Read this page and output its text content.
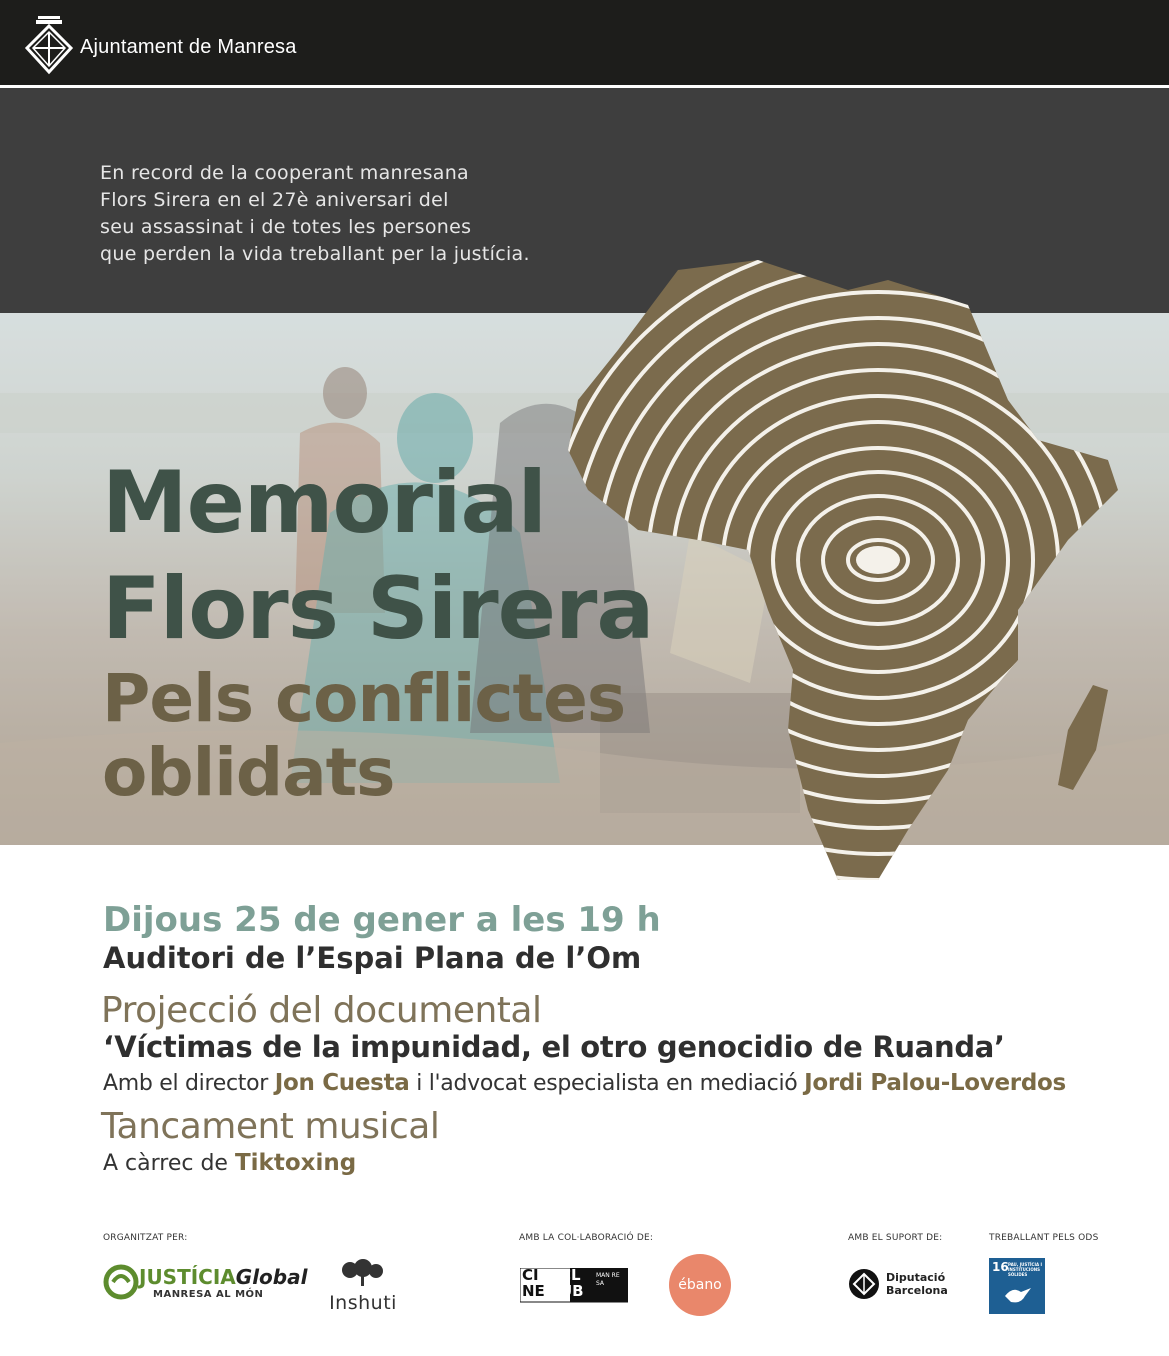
Ajuntament de Manresa
En record de la cooperant manresana
Flors Sirera en el 27è aniversari del
seu assassinat i de totes les persones
que perden la vida treballant per la justícia.
Memorial
Flors Sirera
Pels conflictes
oblidats
Dijous 25 de gener a les 19 h
Auditori de l’Espai Plana de l’Om
Projecció del documental
‘Víctimas de la impunidad, el otro genocidio de Ruanda’
Amb el director Jon Cuesta i l'advocat especialista en mediació Jordi Palou-Loverdos
Tancament musical
A càrrec de Tiktoxing
ORGANITZAT PER:	AMB LA COL·LABORACIÓ DE:	AMB EL SUPORT DE:	TREBALLANT PELS ODS
JUSTÍCIAGlobal
MANRESA AL MÓN	Inshuti
CI
NE
CL
UB
MAN RE SA	ébano	Diputació
Barcelona
16 PAU, JUSTÍCIA I INSTITUCIONS SÒLIDES
